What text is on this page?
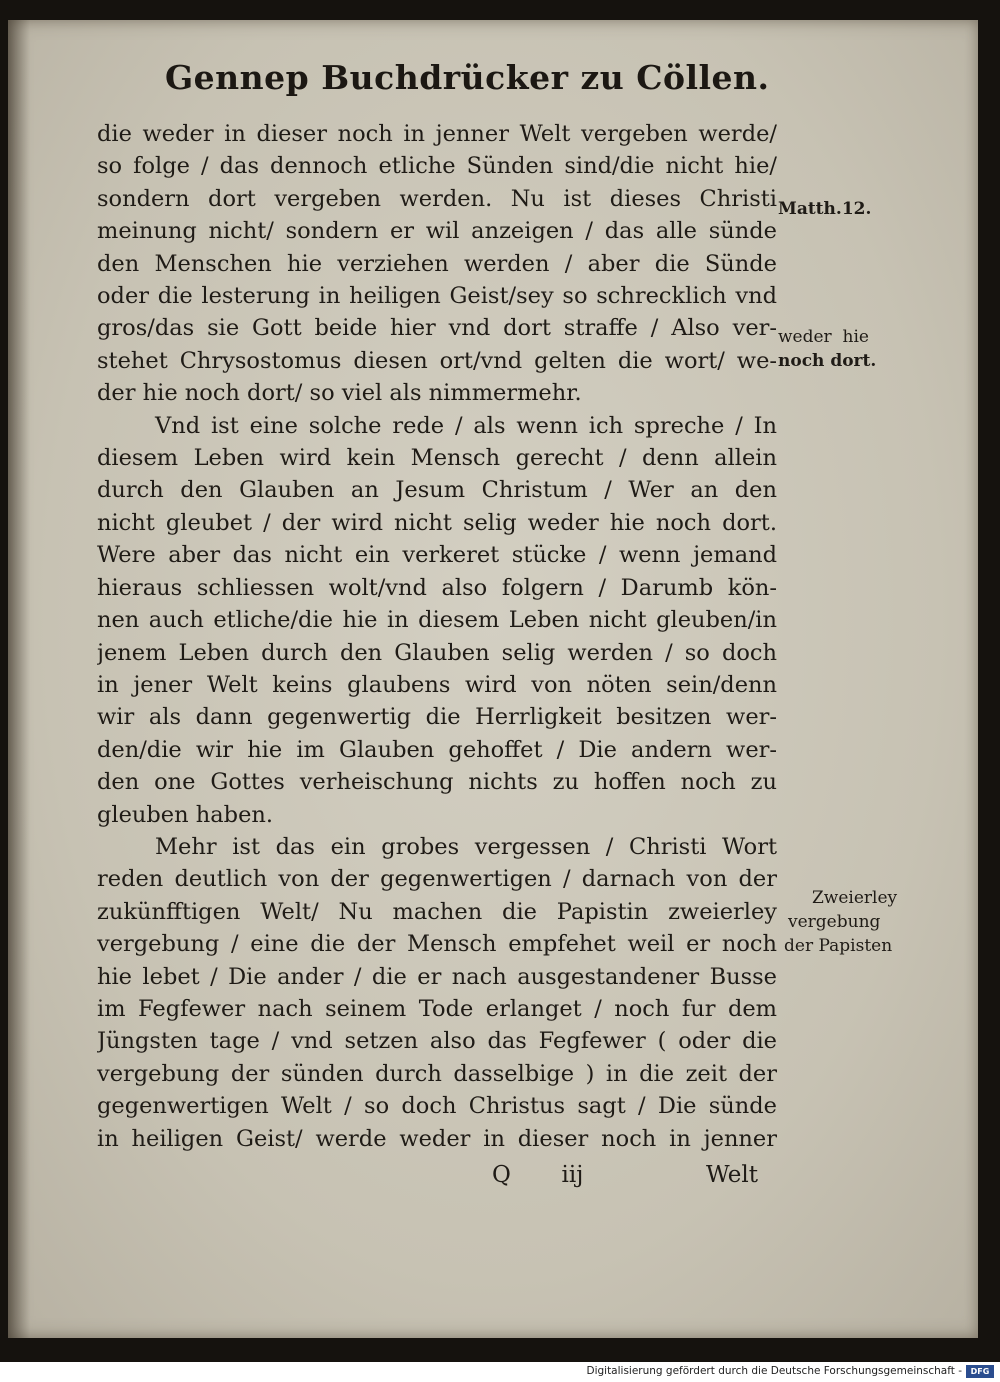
Gennep Buchdrücker zu Cöllen.
die weder in dieser noch in jenner Welt vergeben werde/
so folge / das dennoch etliche Sünden sind/die nicht hie/
sondern dort vergeben werden. Nu ist dieses Christi
meinung nicht/ sondern er wil anzeigen / das alle sünde
den Menschen hie verziehen werden / aber die Sünde
oder die lesterung in heiligen Geist/sey so schrecklich vnd
gros/das sie Gott beide hier vnd dort straffe / Also ver-
stehet Chrysostomus diesen ort/vnd gelten die wort/ we-
der hie noch dort/ so viel als nimmermehr.
Vnd ist eine solche rede / als wenn ich spreche / In
diesem Leben wird kein Mensch gerecht / denn allein
durch den Glauben an Jesum Christum / Wer an den
nicht gleubet / der wird nicht selig weder hie noch dort.
Were aber das nicht ein verkeret stücke / wenn jemand
hieraus schliessen wolt/vnd also folgern / Darumb kön-
nen auch etliche/die hie in diesem Leben nicht gleuben/in
jenem Leben durch den Glauben selig werden / so doch
in jener Welt keins glaubens wird von nöten sein/denn
wir als dann gegenwertig die Herrligkeit besitzen wer-
den/die wir hie im Glauben gehoffet / Die andern wer-
den one Gottes verheischung nichts zu hoffen noch zu
gleuben haben.
Mehr ist das ein grobes vergessen / Christi Wort
reden deutlich von der gegenwertigen / darnach von der
zukünfftigen Welt/ Nu machen die Papistin zweierley
vergebung / eine die der Mensch empfehet weil er noch
hie lebet / Die ander / die er nach ausgestandener Busse
im Fegfewer nach seinem Tode erlanget / noch fur dem
Jüngsten tage / vnd setzen also das Fegfewer ( oder die
vergebung der sünden durch dasselbige ) in die zeit der
gegenwertigen Welt / so doch Christus sagt / Die sünde
in heiligen Geist/ werde weder in dieser noch in jenner
Matth.12.
weder  hie
noch dort.
Zweierley
vergebung
der Papisten
Q  iij	Welt
Digitalisierung gefördert durch die Deutsche Forschungsgemeinschaft -	DFG
